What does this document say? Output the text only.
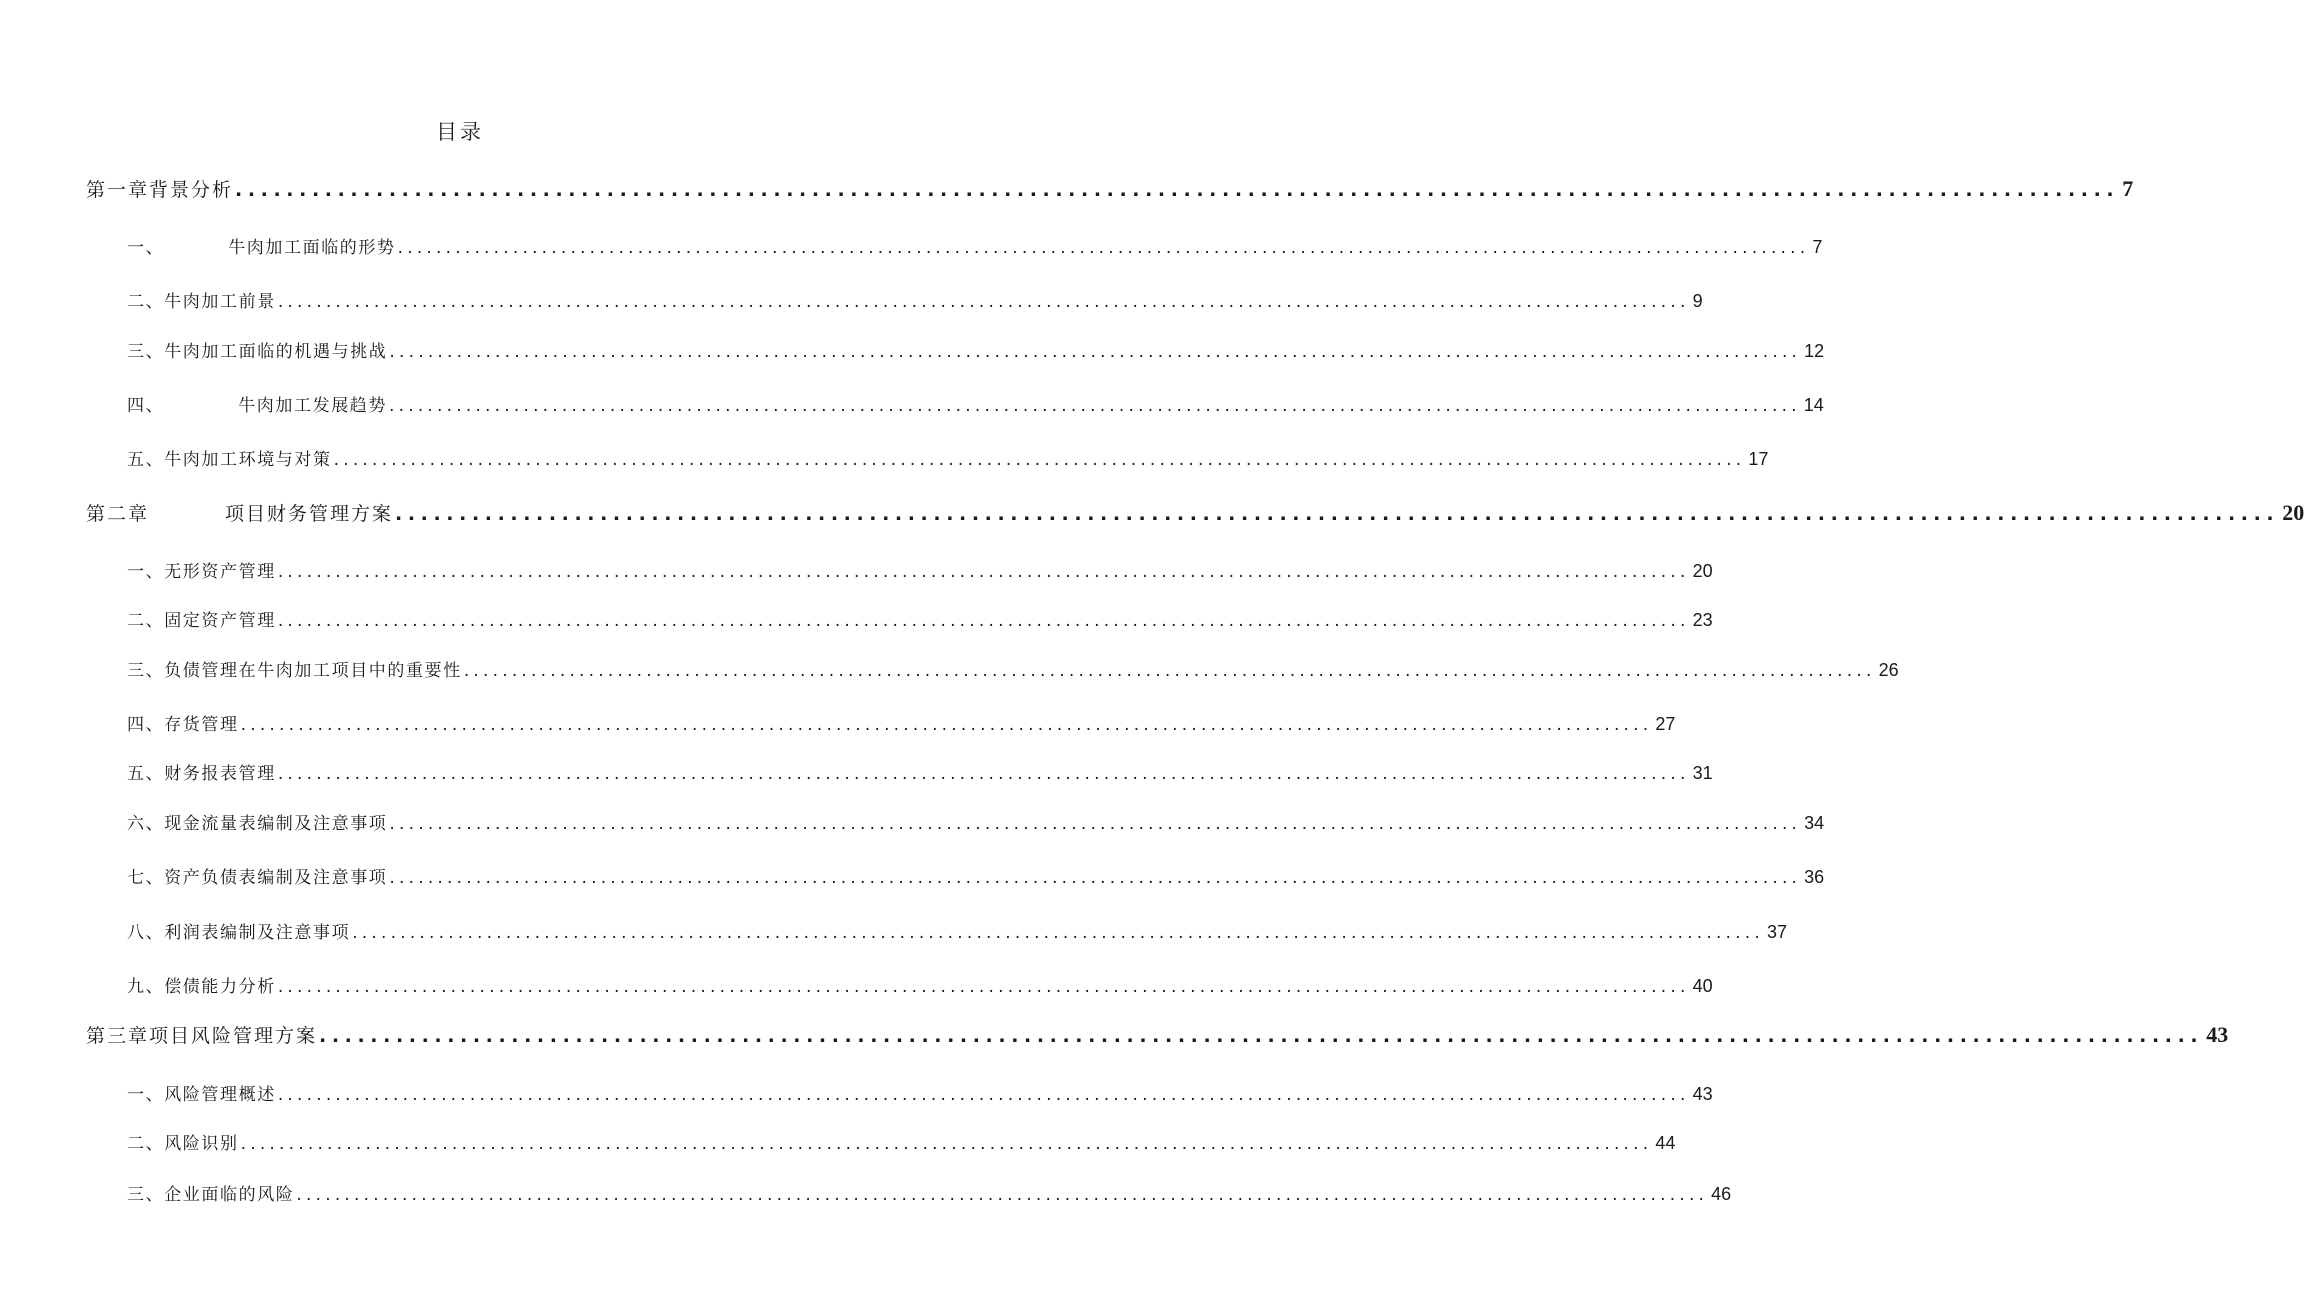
目录
第一章背景分析 ................................................................................................................................................... 7
一、	牛肉加工面临的形势 ................................................................................................................................................... 7
二、牛肉加工前景 ................................................................................................................................................... 9
三、牛肉加工面临的机遇与挑战 ................................................................................................................................................... 12
四、	牛肉加工发展趋势 ................................................................................................................................................... 14
五、牛肉加工环境与对策 ................................................................................................................................................... 17
第二章	项目财务管理方案 ................................................................................................................................................... 20
一、无形资产管理 ................................................................................................................................................... 20
二、固定资产管理 ................................................................................................................................................... 23
三、负债管理在牛肉加工项目中的重要性 ................................................................................................................................................... 26
四、存货管理 ................................................................................................................................................... 27
五、财务报表管理 ................................................................................................................................................... 31
六、现金流量表编制及注意事项 ................................................................................................................................................... 34
七、资产负债表编制及注意事项 ................................................................................................................................................... 36
八、利润表编制及注意事项 ................................................................................................................................................... 37
九、偿债能力分析 ................................................................................................................................................... 40
第三章项目风险管理方案 ................................................................................................................................................... 43
一、风险管理概述 ................................................................................................................................................... 43
二、风险识别 ................................................................................................................................................... 44
三、企业面临的风险 ................................................................................................................................................... 46
